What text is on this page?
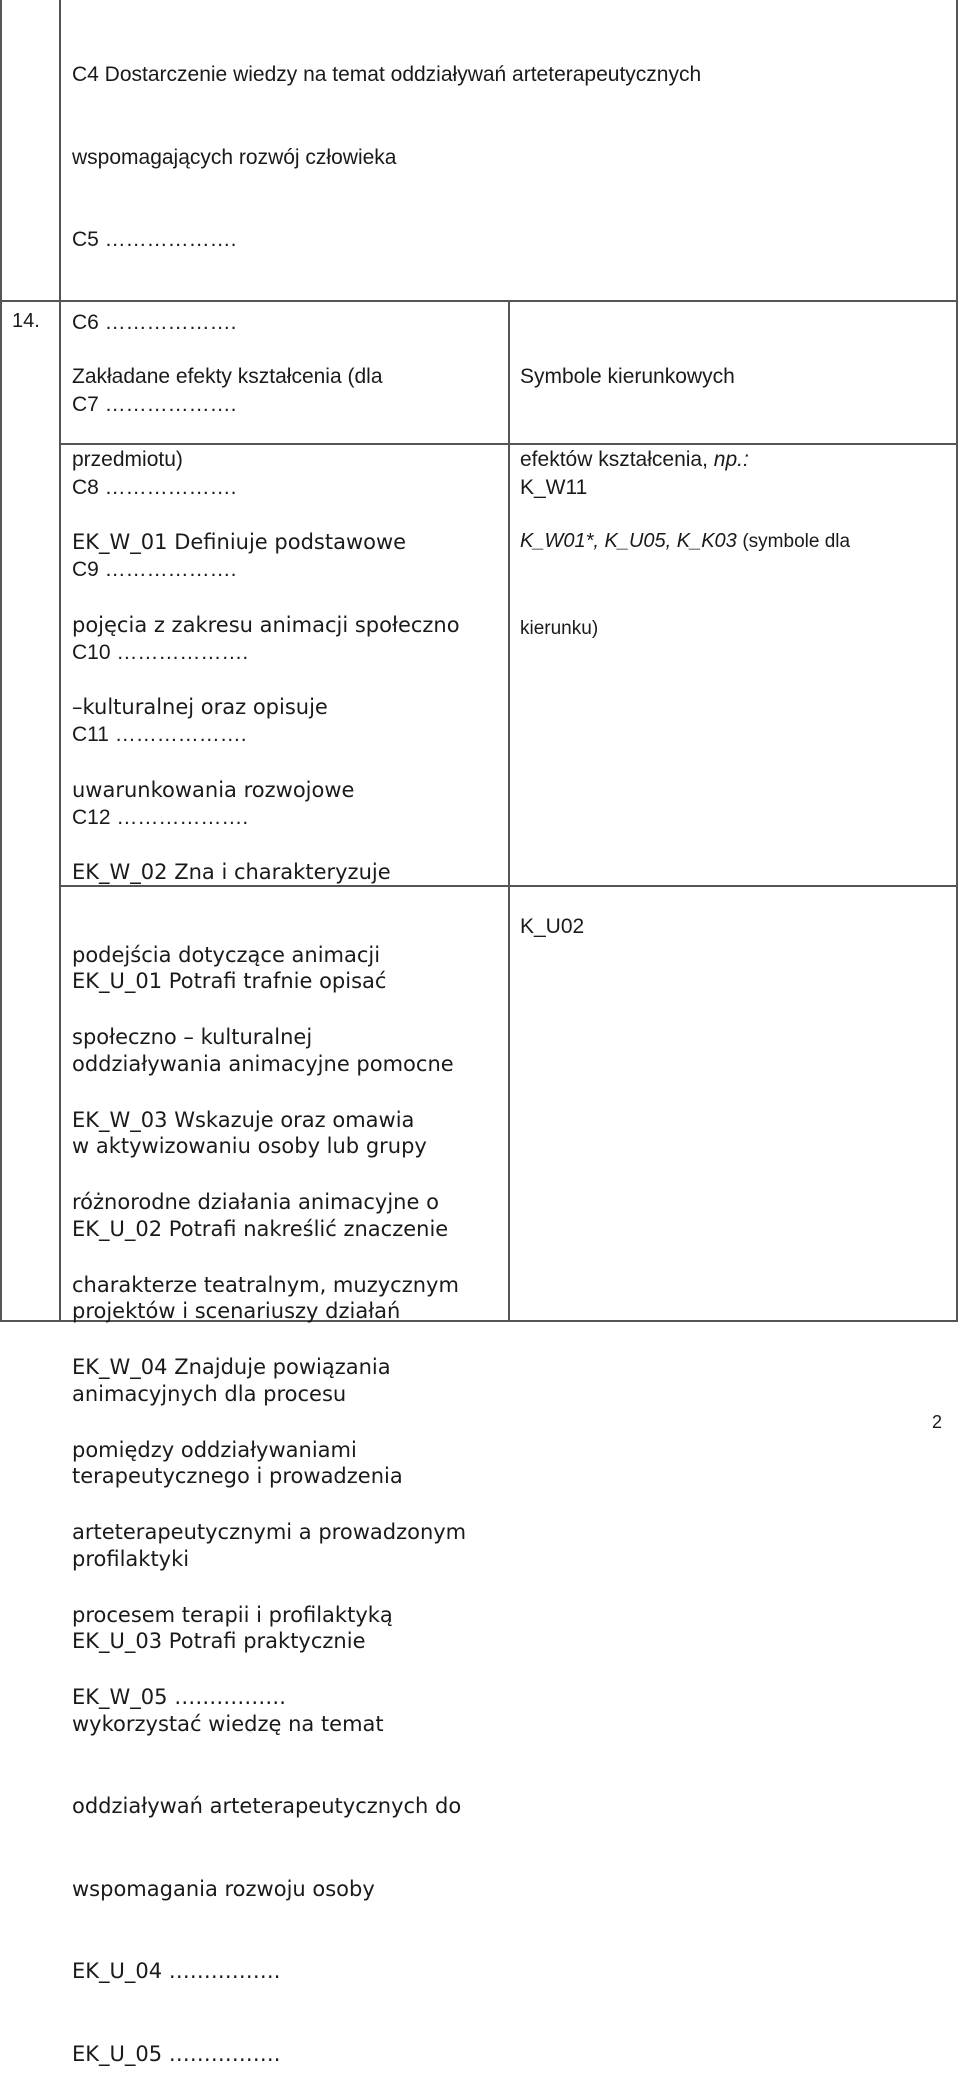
C4 Dostarczenie wiedzy na temat oddziaływań arteterapeutycznych

wspomagających rozwój człowieka

C5 ……………….

C6 ……………….

C7 ……………….

C8 ……………….

C9 ……………….

C10 ……………….

C11 ……………….

C12 ……………….

14.

Zakładane efekty kształcenia (dla

przedmiotu)

Symbole kierunkowych

efektów kształcenia, np.:

K_W01*, K_U05, K_K03 (symbole dla

kierunku)

EK_W_01 Definiuje podstawowe

pojęcia z zakresu animacji społeczno

–kulturalnej oraz opisuje

uwarunkowania rozwojowe

EK_W_02 Zna i charakteryzuje

podejścia dotyczące animacji

społeczno – kulturalnej

EK_W_03 Wskazuje oraz omawia

różnorodne działania animacyjne o

charakterze teatralnym, muzycznym

EK_W_04 Znajduje powiązania

pomiędzy oddziaływaniami

arteterapeutycznymi a prowadzonym

procesem terapii i profilaktyką

EK_W_05 …………….

K_W11

EK_U_01 Potrafi trafnie opisać

oddziaływania animacyjne pomocne

w aktywizowaniu osoby lub grupy

EK_U_02 Potrafi nakreślić znaczenie

projektów i scenariuszy działań

animacyjnych dla procesu

terapeutycznego i prowadzenia

profilaktyki

EK_U_03 Potrafi praktycznie

wykorzystać wiedzę na temat

oddziaływań arteterapeutycznych do

wspomagania rozwoju osoby

EK_U_04 …………….

EK_U_05 …………….

K_U02
2
